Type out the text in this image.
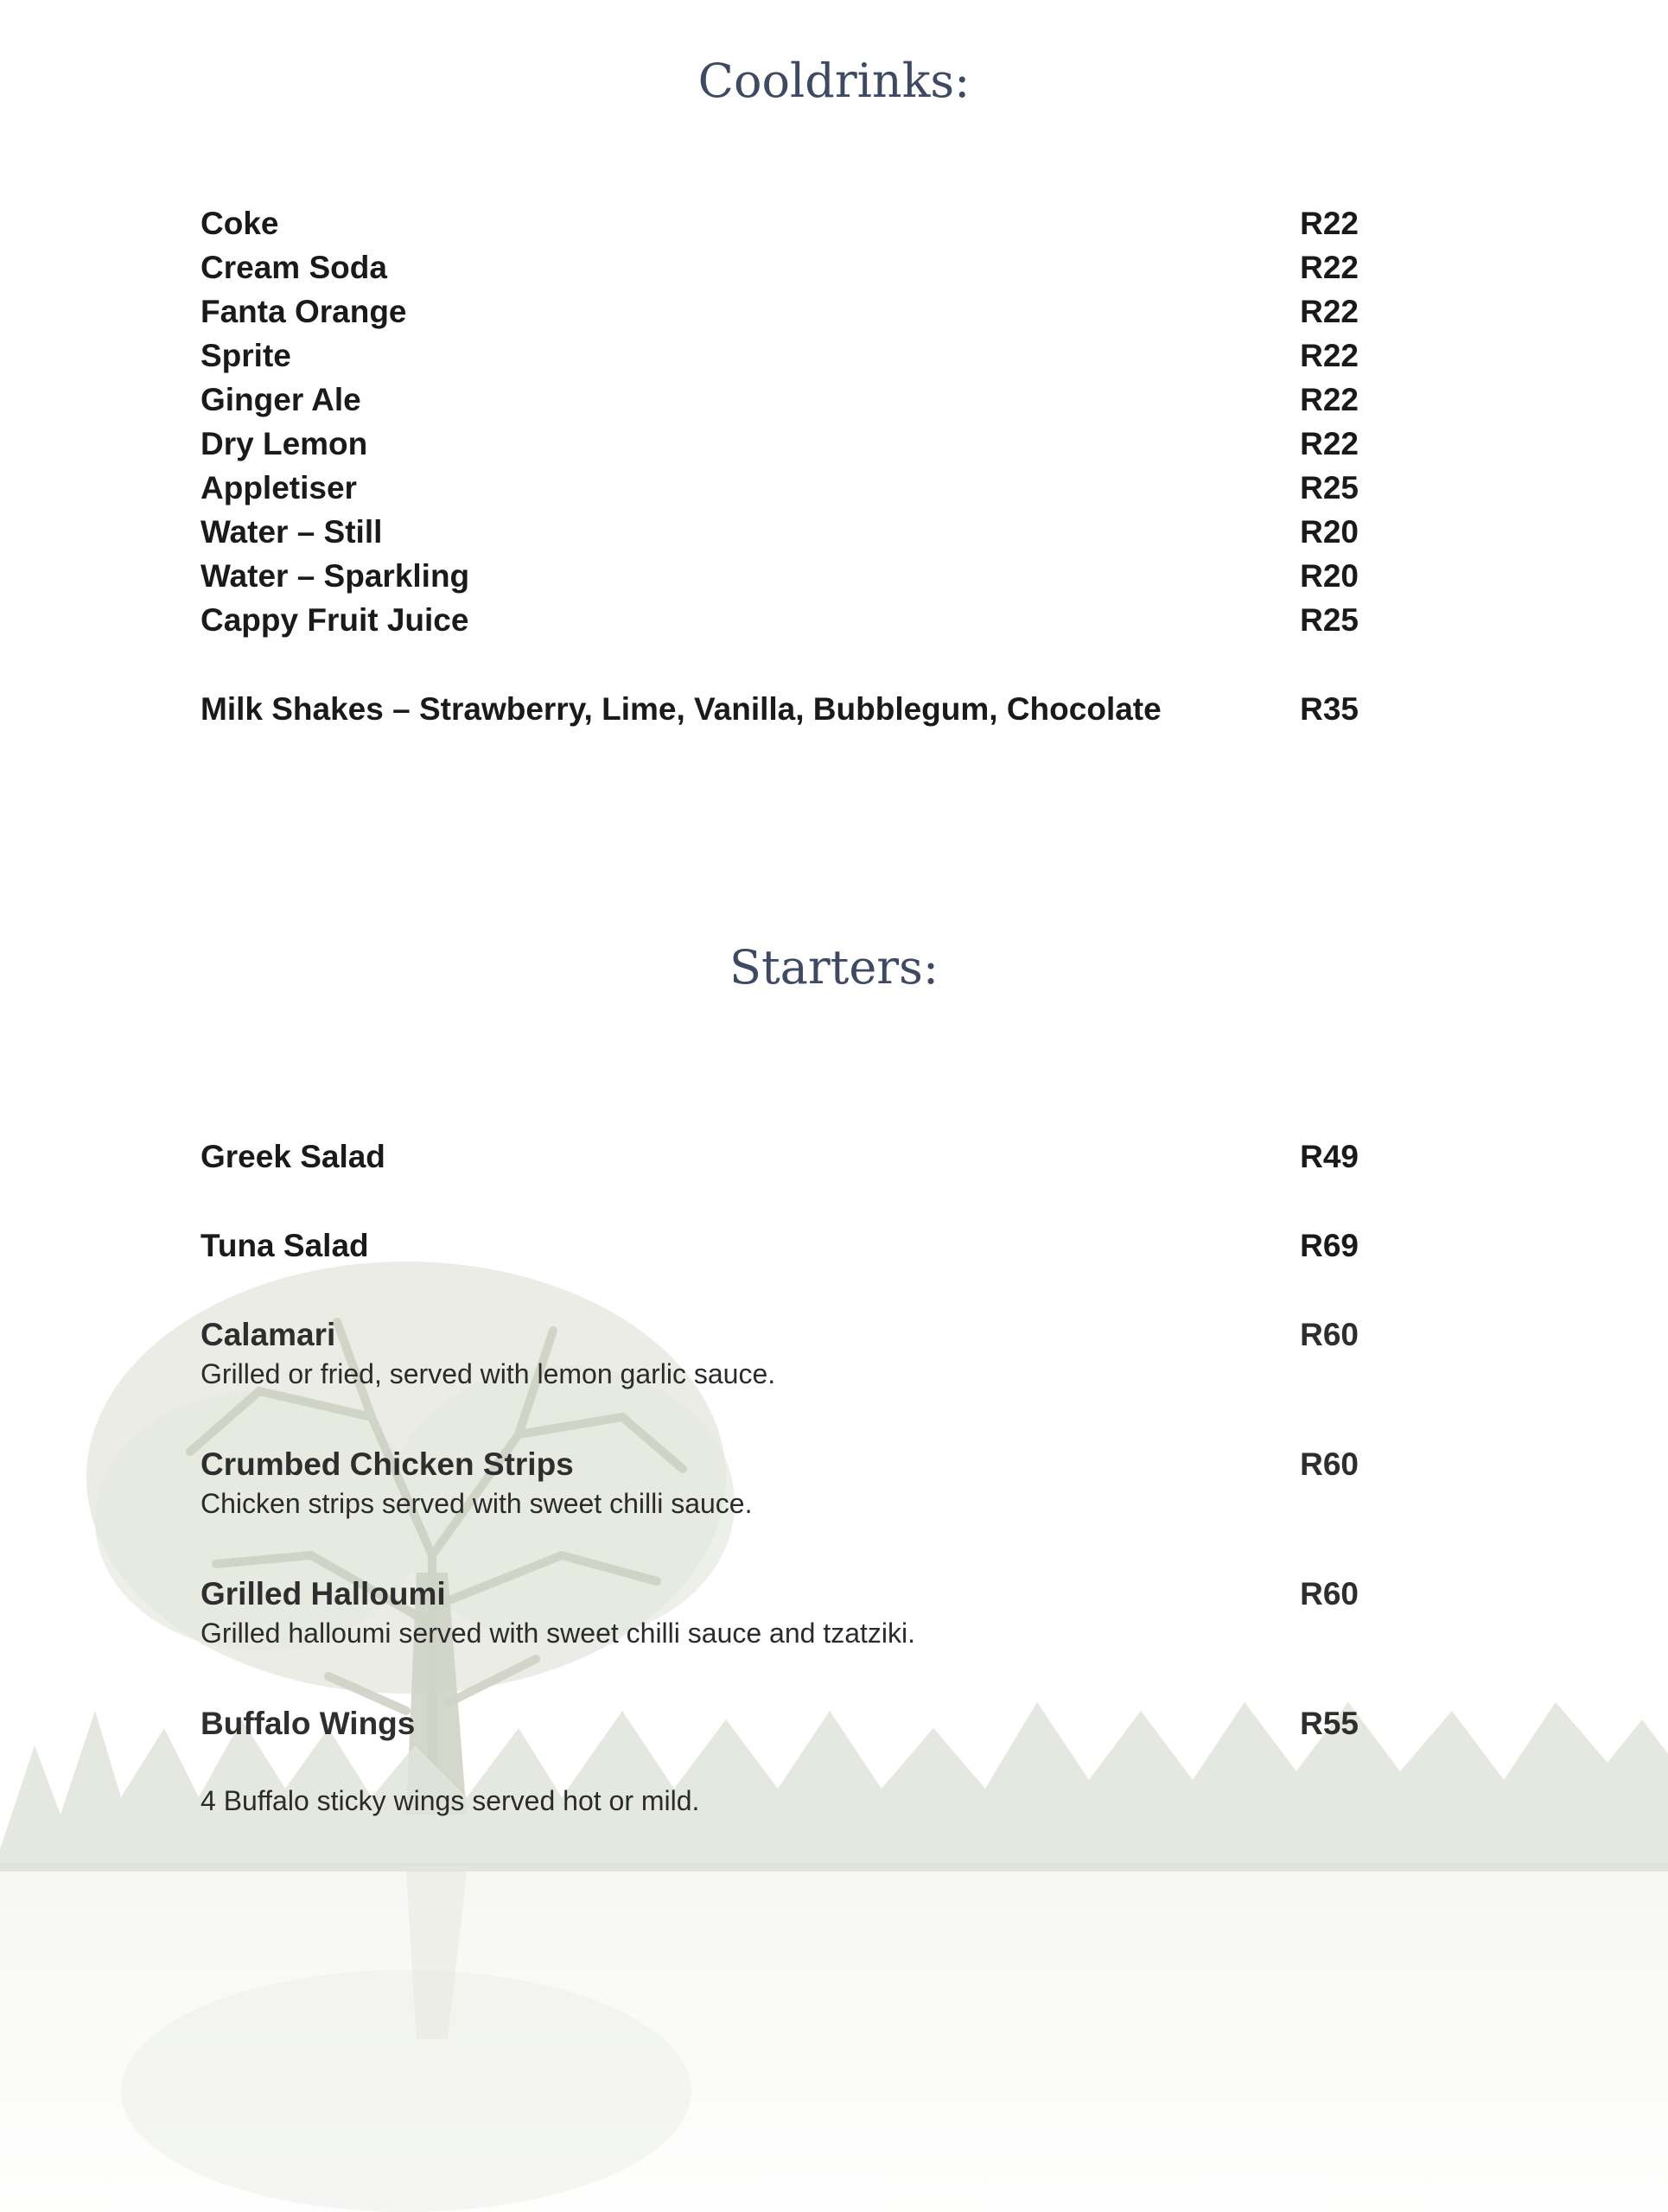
Cooldrinks:
Coke	R22
Cream Soda	R22
Fanta Orange	R22
Sprite	R22
Ginger Ale	R22
Dry Lemon	R22
Appletiser	R25
Water – Still	R20
Water – Sparkling	R20
Cappy Fruit Juice	R25
Milk Shakes – Strawberry, Lime, Vanilla, Bubblegum, Chocolate	R35
Starters:
Greek Salad	R49
Tuna Salad	R69
Calamari	R60
Grilled or fried, served with lemon garlic sauce.
Crumbed Chicken Strips	R60
Chicken strips served with sweet chilli sauce.
Grilled Halloumi	R60
Grilled halloumi served with sweet chilli sauce and tzatziki.
Buffalo Wings	R55
4 Buffalo sticky wings served hot or mild.
